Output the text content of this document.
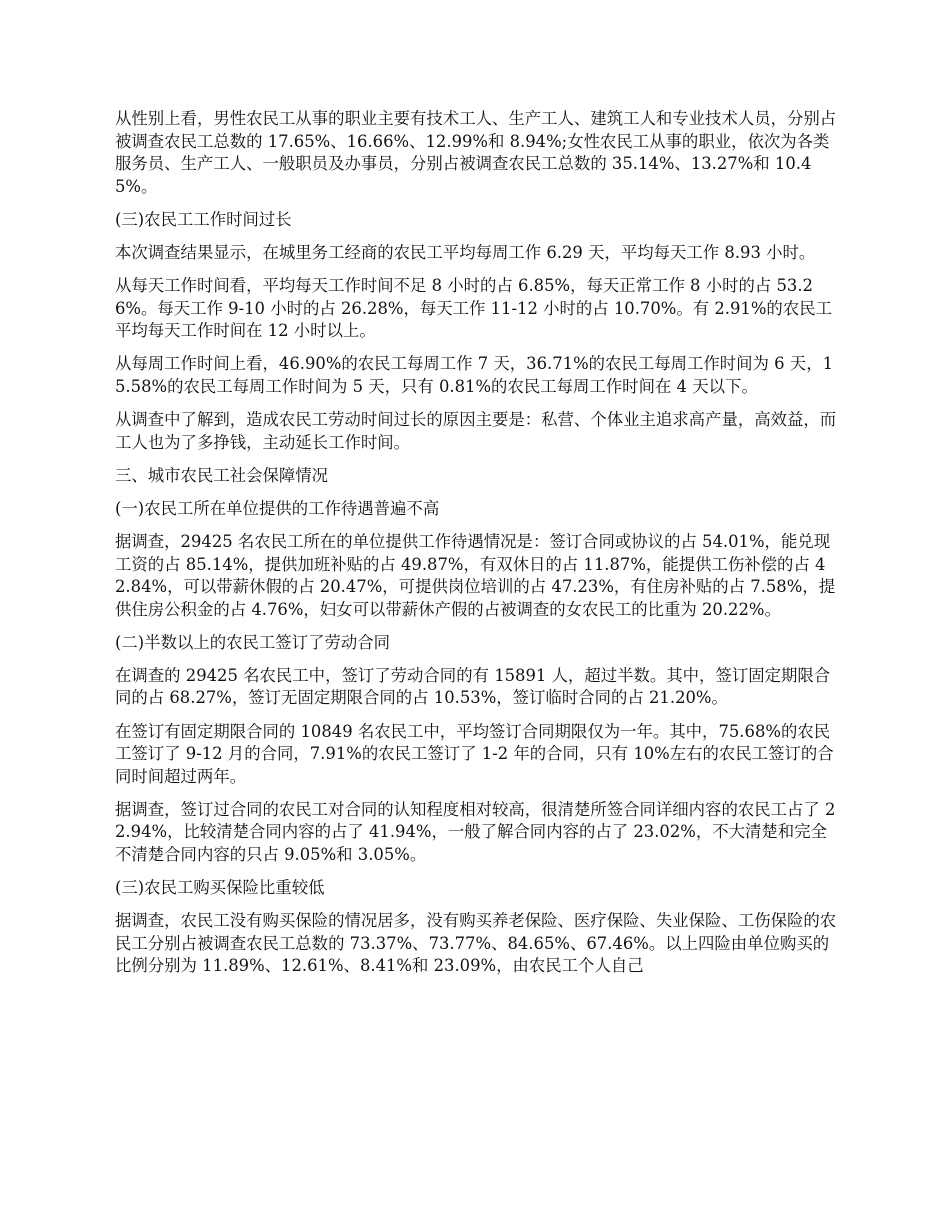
从性别上看，男性农民工从事的职业主要有技术工人、生产工人、建筑工人和专业技术人员，分别占被调查农民工总数的 17.65%、16.66%、12.99%和 8.94%;女性农民工从事的职业，依次为各类服务员、生产工人、一般职员及办事员，分别占被调查农民工总数的 35.14%、13.27%和 10.45%。

(三)农民工工作时间过长

本次调查结果显示，在城里务工经商的农民工平均每周工作 6.29 天，平均每天工作 8.93 小时。

从每天工作时间看，平均每天工作时间不足 8 小时的占 6.85%，每天正常工作 8 小时的占 53.26%。每天工作 9-10 小时的占 26.28%，每天工作 11-12 小时的占 10.70%。有 2.91%的农民工平均每天工作时间在 12 小时以上。

从每周工作时间上看，46.90%的农民工每周工作 7 天，36.71%的农民工每周工作时间为 6 天，15.58%的农民工每周工作时间为 5 天，只有 0.81%的农民工每周工作时间在 4 天以下。

从调查中了解到，造成农民工劳动时间过长的原因主要是：私营、个体业主追求高产量，高效益，而工人也为了多挣钱，主动延长工作时间。

三、城市农民工社会保障情况

(一)农民工所在单位提供的工作待遇普遍不高

据调查，29425 名农民工所在的单位提供工作待遇情况是：签订合同或协议的占 54.01%，能兑现工资的占 85.14%，提供加班补贴的占 49.87%，有双休日的占 11.87%，能提供工伤补偿的占 42.84%，可以带薪休假的占 20.47%，可提供岗位培训的占 47.23%，有住房补贴的占 7.58%，提供住房公积金的占 4.76%，妇女可以带薪休产假的占被调查的女农民工的比重为 20.22%。

(二)半数以上的农民工签订了劳动合同

在调查的 29425 名农民工中，签订了劳动合同的有 15891 人，超过半数。其中，签订固定期限合同的占 68.27%，签订无固定期限合同的占 10.53%，签订临时合同的占 21.20%。

在签订有固定期限合同的 10849 名农民工中，平均签订合同期限仅为一年。其中，75.68%的农民工签订了 9-12 月的合同，7.91%的农民工签订了 1-2 年的合同，只有 10%左右的农民工签订的合同时间超过两年。

据调查，签订过合同的农民工对合同的认知程度相对较高，很清楚所签合同详细内容的农民工占了 22.94%，比较清楚合同内容的占了 41.94%，一般了解合同内容的占了 23.02%，不大清楚和完全不清楚合同内容的只占 9.05%和 3.05%。

(三)农民工购买保险比重较低

据调查，农民工没有购买保险的情况居多，没有购买养老保险、医疗保险、失业保险、工伤保险的农民工分别占被调查农民工总数的 73.37%、73.77%、84.65%、67.46%。以上四险由单位购买的比例分别为 11.89%、12.61%、8.41%和 23.09%，由农民工个人自己
